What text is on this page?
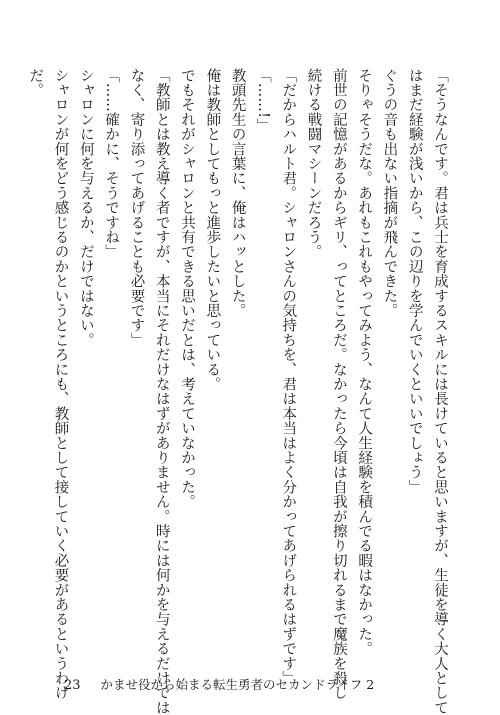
「そうなんです。君は兵士を育成するスキルには長けていると思いますが、生徒を導く大人として
はまだ経験が浅いから、この辺りを学んでいくといいでしょう」
ぐうの音も出ない指摘が飛んできた。
そりゃそうだな。あれもこれもやってみよう、なんて人生経験を積んでる暇はなかった。
前世の記憶があるからギリ、ってところだ。なかったら今頃は自我が擦り切れるまで魔族を殺し
続ける戦闘マシーンだろう。
「だからハルト君。シャロンさんの気持ちを、君は本当はよく分かってあげられるはずです」
「……!」
教頭先生の言葉に、俺はハッとした。
俺は教師としてもっと進歩したいと思っている。
でもそれがシャロンと共有できる思いだとは、考えていなかった。
「教師とは教え導く者ですが、本当にそれだけなはずがありません。時には何かを与えるだけでは
なく、寄り添ってあげることも必要です」
「……確かに、そうですね」
シャロンに何を与えるか、だけではない。
シャロンが何をどう感じるのかというところにも、教師として接していく必要があるというわけ
だ。
23 かませ役から始まる転生勇者のセカンドライフ 2
